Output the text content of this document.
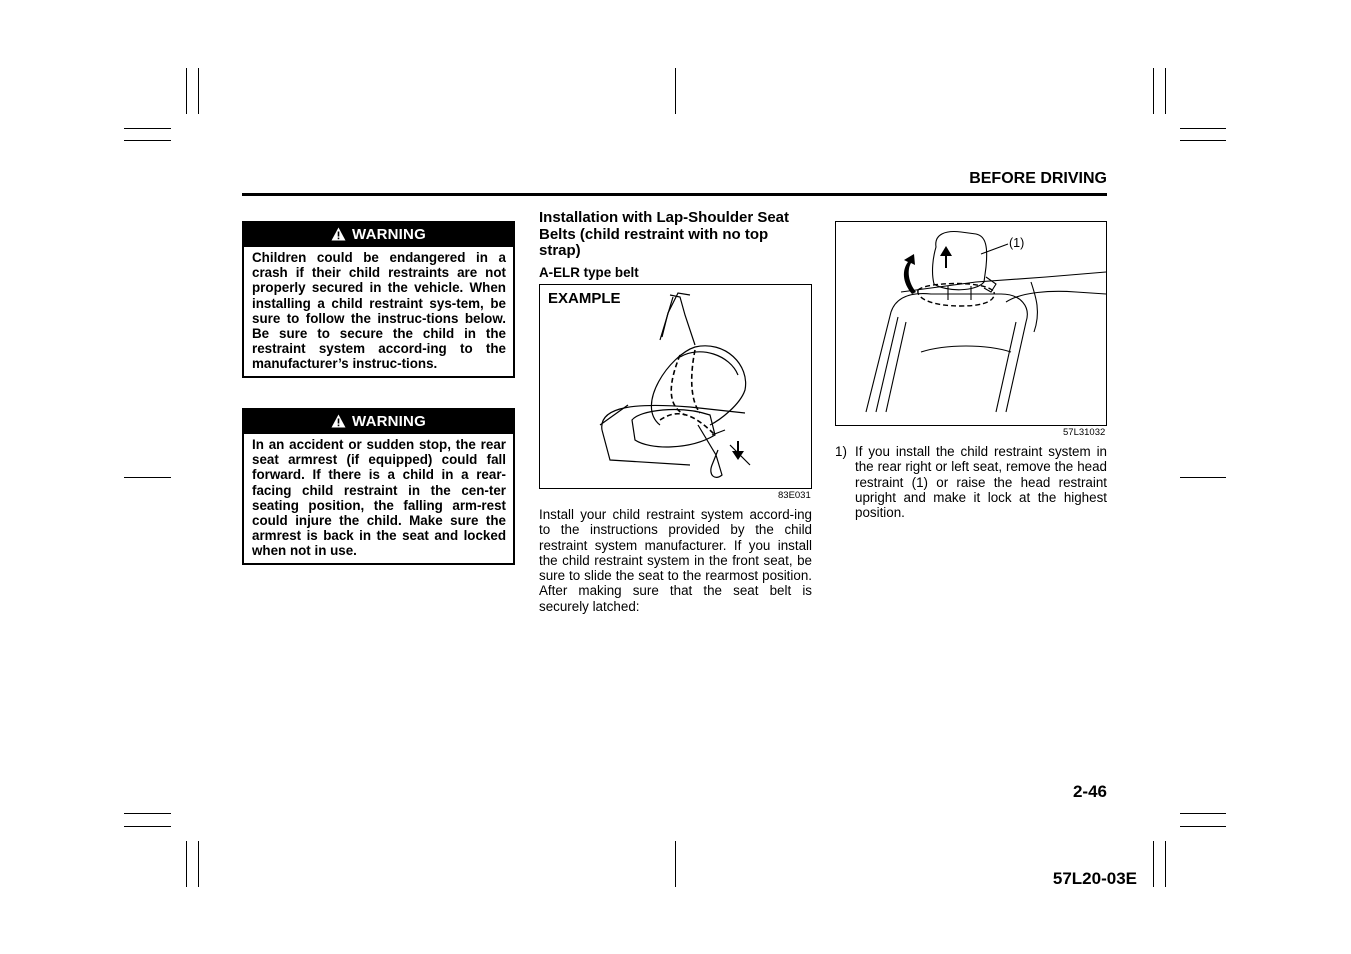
BEFORE DRIVING
WARNING
Children could be endangered in a crash if their child restraints are not properly secured in the vehicle. When installing a child restraint sys-tem, be sure to follow the instruc-tions below. Be sure to secure the child in the restraint system accord-ing to the manufacturer’s instruc-tions.
WARNING
In an accident or sudden stop, the rear seat armrest (if equipped) could fall forward. If there is a child in a rear-facing child restraint in the cen-ter seating position, the falling arm-rest could injure the child. Make sure the armrest is back in the seat and locked when not in use.
Installation with Lap-Shoulder Seat Belts (child restraint with no top strap)
A-ELR type belt
EXAMPLE
83E031
Install your child restraint system accord-ing to the instructions provided by the child restraint system manufacturer. If you install the child restraint system in the front seat, be sure to slide the seat to the rearmost position. After making sure that the seat belt is securely latched:
(1)
57L31032
1) If you install the child restraint system in the rear right or left seat, remove the head restraint (1) or raise the head restraint upright and make it lock at the highest position.
2-46
57L20-03E
